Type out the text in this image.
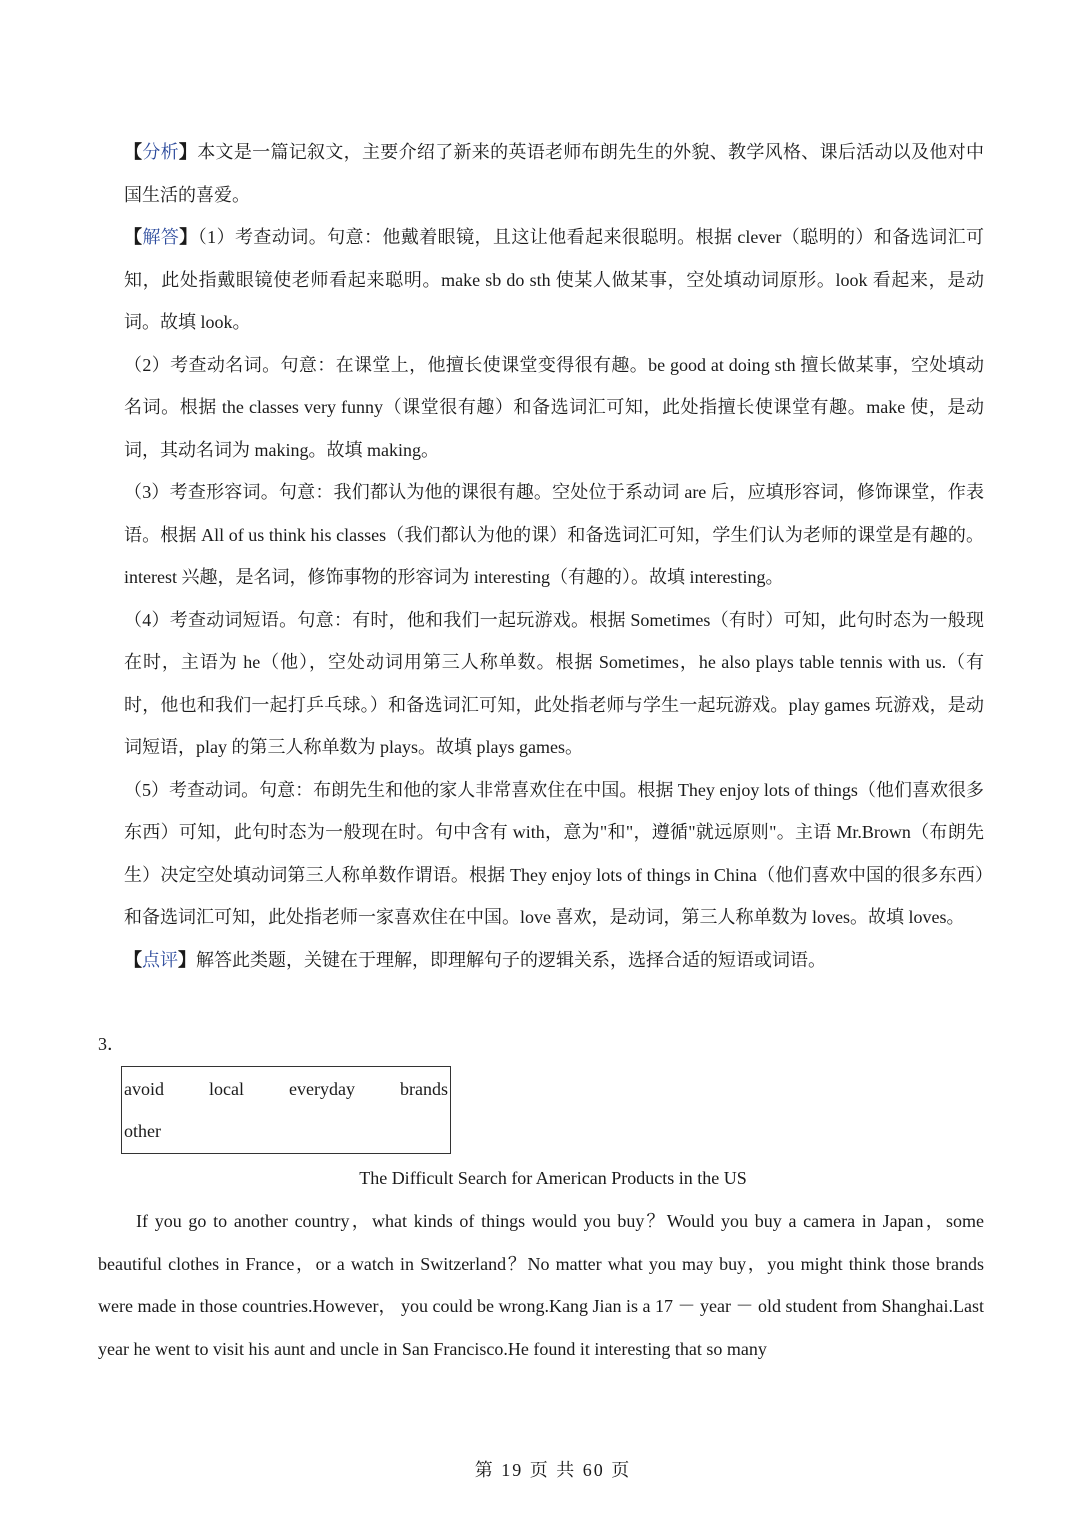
【分析】本文是一篇记叙文，主要介绍了新来的英语老师布朗先生的外貌、教学风格、课后活动以及他对中国生活的喜爱。

【解答】（1）考查动词。句意：他戴着眼镜，且这让他看起来很聪明。根据 clever（聪明的）和备选词汇可知，此处指戴眼镜使老师看起来聪明。make sb do sth 使某人做某事，空处填动词原形。look 看起来，是动词。故填 look。

（2）考查动名词。句意：在课堂上，他擅长使课堂变得很有趣。be good at doing sth 擅长做某事，空处填动名词。根据 the classes very funny（课堂很有趣）和备选词汇可知，此处指擅长使课堂有趣。make 使，是动词，其动名词为 making。故填 making。

（3）考查形容词。句意：我们都认为他的课很有趣。空处位于系动词 are 后，应填形容词，修饰课堂，作表语。根据 All of us think his classes（我们都认为他的课）和备选词汇可知，学生们认为老师的课堂是有趣的。interest 兴趣，是名词，修饰事物的形容词为 interesting（有趣的）。故填 interesting。

（4）考查动词短语。句意：有时，他和我们一起玩游戏。根据 Sometimes（有时）可知，此句时态为一般现在时，主语为 he（他），空处动词用第三人称单数。根据 Sometimes，he also plays table tennis with us.（有时，他也和我们一起打乒乓球。）和备选词汇可知，此处指老师与学生一起玩游戏。play games 玩游戏，是动词短语，play 的第三人称单数为 plays。故填 plays games。

（5）考查动词。句意：布朗先生和他的家人非常喜欢住在中国。根据 They enjoy lots of things（他们喜欢很多东西）可知，此句时态为一般现在时。句中含有 with，意为"和"，遵循"就远原则"。主语 Mr.Brown（布朗先生）决定空处填动词第三人称单数作谓语。根据 They enjoy lots of things in China（他们喜欢中国的很多东西）和备选词汇可知，此处指老师一家喜欢住在中国。love 喜欢，是动词，第三人称单数为 loves。故填 loves。

【点评】解答此类题，关键在于理解，即理解句子的逻辑关系，选择合适的短语或词语。

3．
avoid	local	everyday	brands
other
The Difficult Search for American Products in the US

If you go to another country，what kinds of things would you buy？Would you buy a camera in Japan，some beautiful clothes in France，or a watch in Switzerland？No matter what you may buy，you might think those brands were made in those countries.However， you could be wrong.Kang Jian is a 17 － year － old student from Shanghai.Last year he went to visit his aunt and uncle in San Francisco.He found it interesting that so many

第 19 页 共 60 页
